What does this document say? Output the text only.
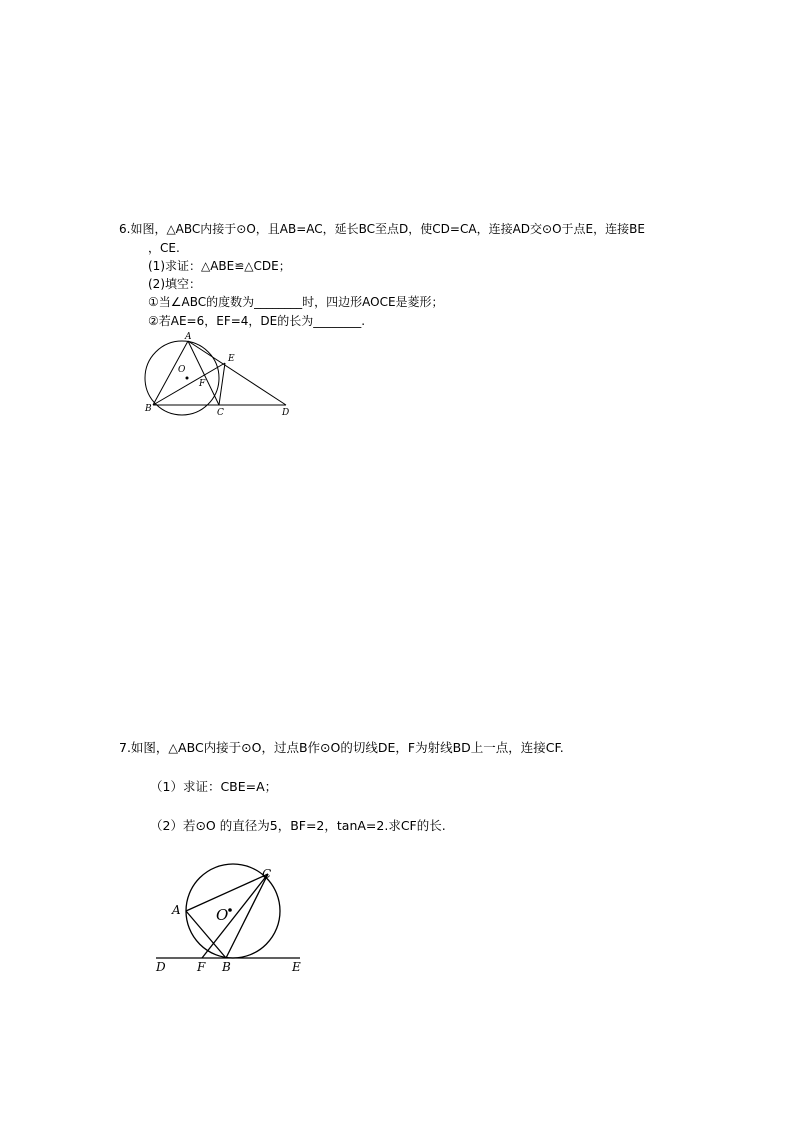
6.如图，△ABC内接于⊙O，且AB=AC，延长BC至点D，使CD=CA，连接AD交⊙O于点E，连接BE
，CE.
(1)求证：△ABE≌△CDE；
(2)填空：
①当∠ABC的度数为________时，四边形AOCE是菱形；
②若AE=6，EF=4，DE的长为________.
A
B	C	D
E
F
O
7.如图，△ABC内接于⊙O，过点B作⊙O的切线DE，F为射线BD上一点，连接CF.
（1）求证：CBE=A；
（2）若⊙O 的直径为5，BF=2，tanA=2.求CF的长.
A
B
C
D	E
F
O
